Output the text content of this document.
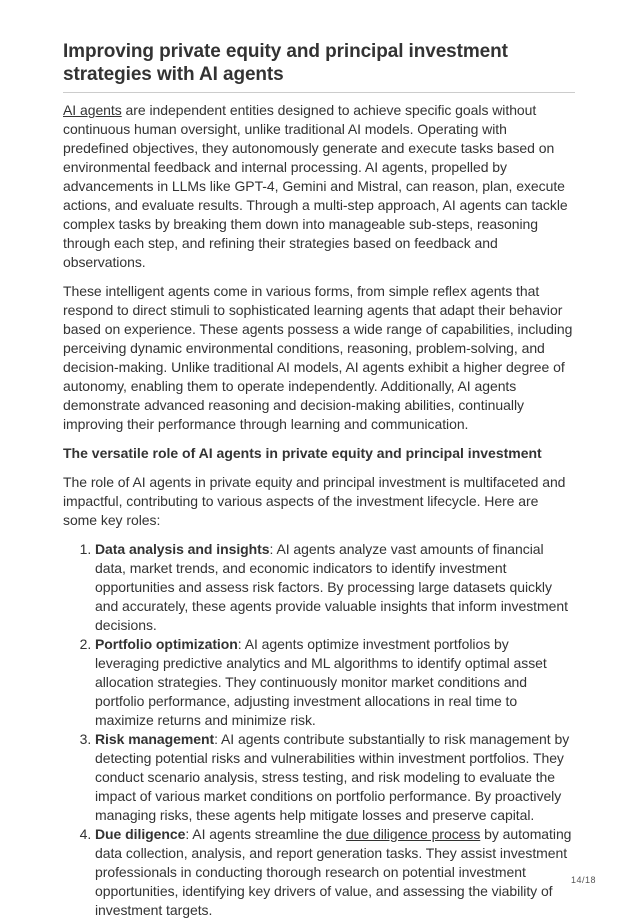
Improving private equity and principal investment strategies with AI agents

AI agents are independent entities designed to achieve specific goals without continuous human oversight, unlike traditional AI models. Operating with predefined objectives, they autonomously generate and execute tasks based on environmental feedback and internal processing. AI agents, propelled by advancements in LLMs like GPT-4, Gemini and Mistral, can reason, plan, execute actions, and evaluate results. Through a multi-step approach, AI agents can tackle complex tasks by breaking them down into manageable sub-steps, reasoning through each step, and refining their strategies based on feedback and observations.

These intelligent agents come in various forms, from simple reflex agents that respond to direct stimuli to sophisticated learning agents that adapt their behavior based on experience. These agents possess a wide range of capabilities, including perceiving dynamic environmental conditions, reasoning, problem-solving, and decision-making. Unlike traditional AI models, AI agents exhibit a higher degree of autonomy, enabling them to operate independently. Additionally, AI agents demonstrate advanced reasoning and decision-making abilities, continually improving their performance through learning and communication.

The versatile role of AI agents in private equity and principal investment

The role of AI agents in private equity and principal investment is multifaceted and impactful, contributing to various aspects of the investment lifecycle. Here are some key roles:

1. Data analysis and insights: AI agents analyze vast amounts of financial data, market trends, and economic indicators to identify investment opportunities and assess risk factors. By processing large datasets quickly and accurately, these agents provide valuable insights that inform investment decisions.
2. Portfolio optimization: AI agents optimize investment portfolios by leveraging predictive analytics and ML algorithms to identify optimal asset allocation strategies. They continuously monitor market conditions and portfolio performance, adjusting investment allocations in real time to maximize returns and minimize risk.
3. Risk management: AI agents contribute substantially to risk management by detecting potential risks and vulnerabilities within investment portfolios. They conduct scenario analysis, stress testing, and risk modeling to evaluate the impact of various market conditions on portfolio performance. By proactively managing risks, these agents help mitigate losses and preserve capital.
4. Due diligence: AI agents streamline the due diligence process by automating data collection, analysis, and report generation tasks. They assist investment professionals in conducting thorough research on potential investment opportunities, identifying key drivers of value, and assessing the viability of investment targets.
14/18
